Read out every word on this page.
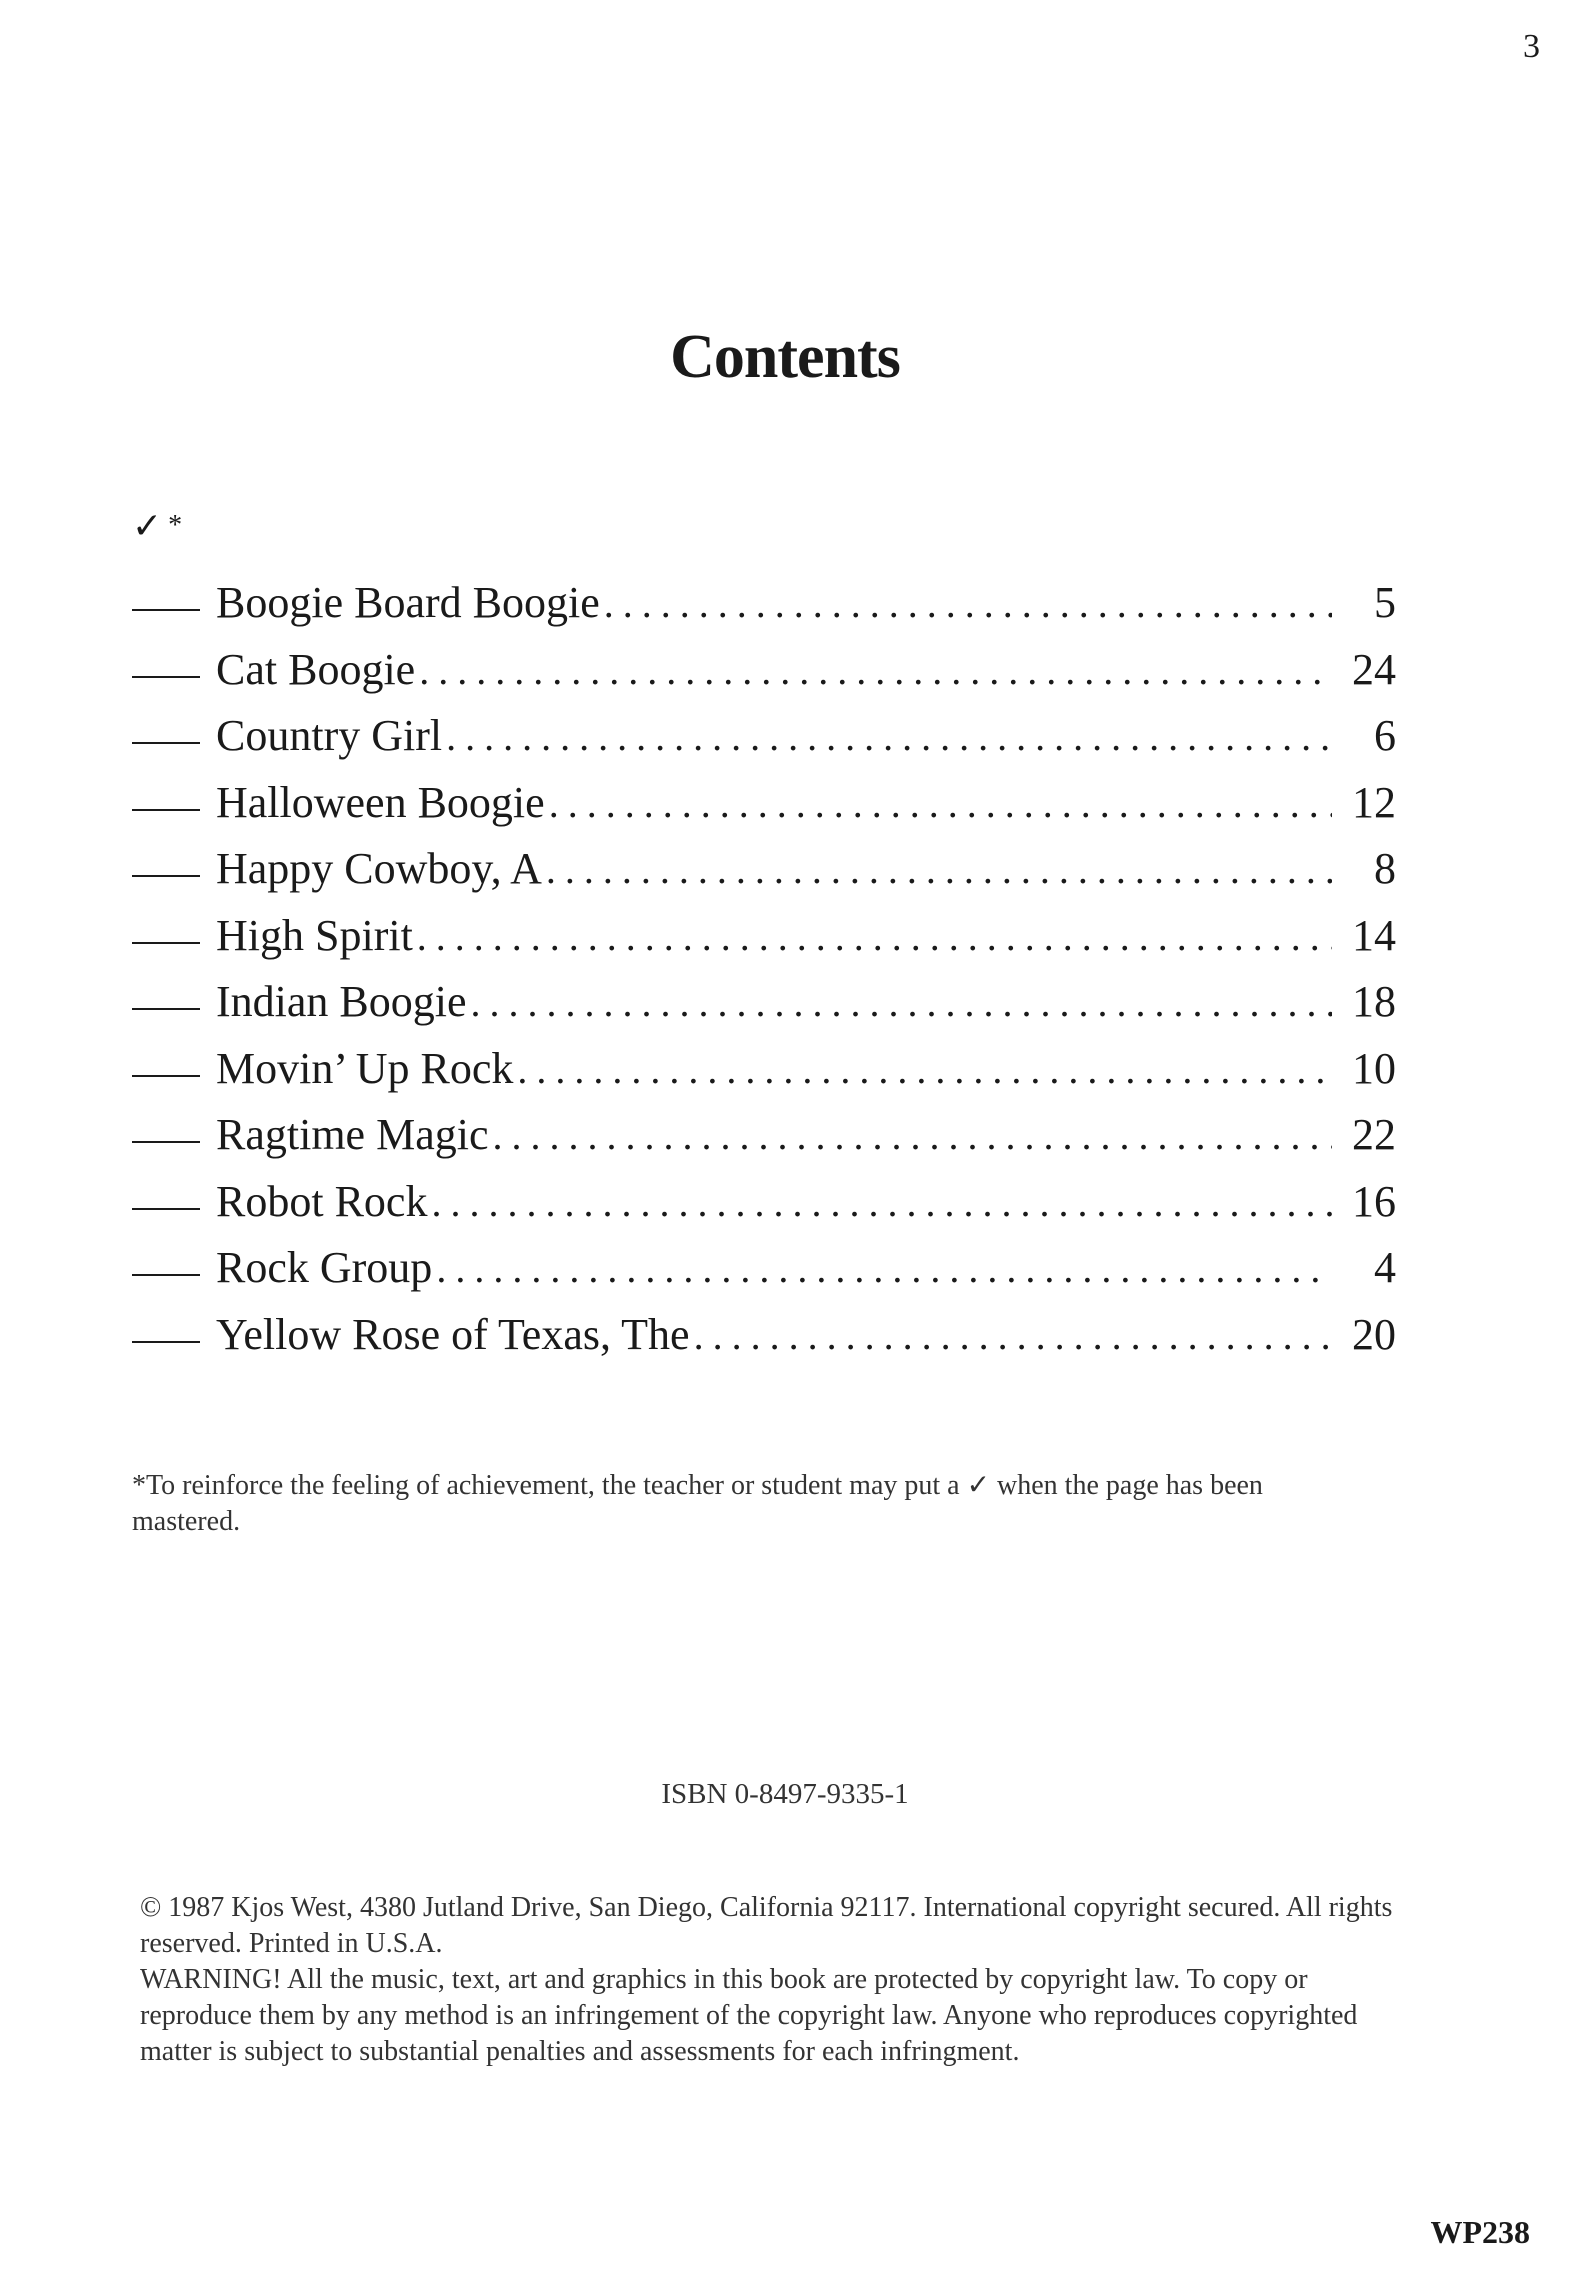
3
Contents
✓ *
Boogie Board Boogie .....	5
Cat Boogie .....	24
Country Girl .....	6
Halloween Boogie .....	12
Happy Cowboy, A .....	8
High Spirit .....	14
Indian Boogie .....	18
Movin’ Up Rock .....	10
Ragtime Magic .....	22
Robot Rock .....	16
Rock Group .....	4
Yellow Rose of Texas, The .....	20

*To reinforce the feeling of achievement, the teacher or student may put a ✓ when the page has been mastered.

ISBN 0-8497-9335-1

© 1987 Kjos West, 4380 Jutland Drive, San Diego, California 92117. International copyright secured. All rights reserved. Printed in U.S.A.

WARNING! All the music, text, art and graphics in this book are protected by copyright law. To copy or reproduce them by any method is an infringement of the copyright law. Anyone who reproduces copyrighted matter is subject to substantial penalties and assessments for each infringment.

WP238
